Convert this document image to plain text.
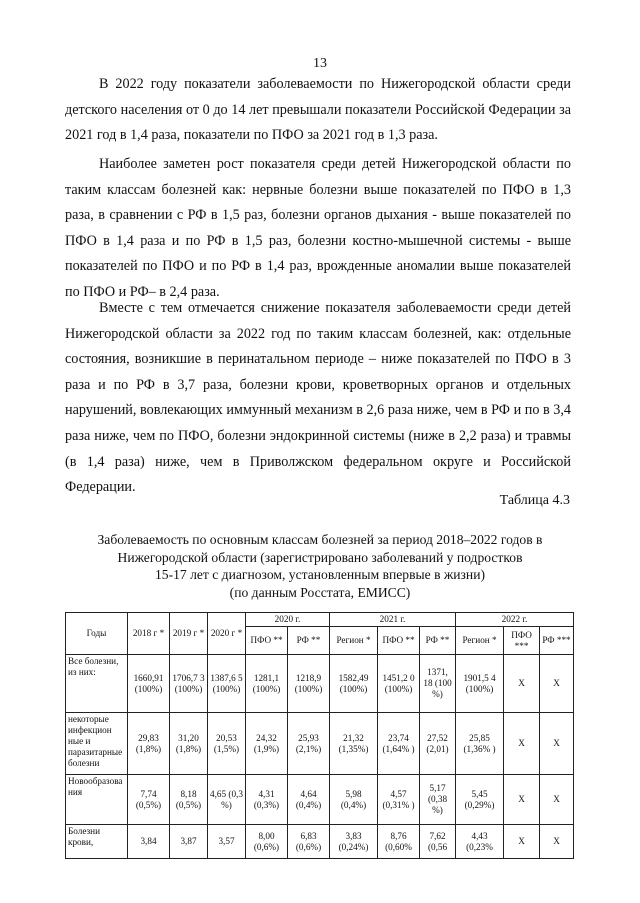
13

В 2022 году показатели заболеваемости по Нижегородской области среди детского населения от 0 до 14 лет превышали показатели Российской Федерации за 2021 год в 1,4 раза, показатели по ПФО за 2021 год в 1,3 раза.

Наиболее заметен рост показателя среди детей Нижегородской области по таким классам болезней как: нервные болезни выше показателей по ПФО в 1,3 раза, в сравнении с РФ в 1,5 раз, болезни органов дыхания - выше показателей по ПФО в 1,4 раза и по РФ в 1,5 раз, болезни костно-мышечной системы - выше показателей по ПФО и по РФ в 1,4 раз, врожденные аномалии выше показателей по ПФО и РФ– в 2,4 раза.

Вместе с тем отмечается снижение показателя заболеваемости среди детей Нижегородской области за 2022 год по таким классам болезней, как: отдельные состояния, возникшие в перинатальном периоде – ниже показателей по ПФО в 3 раза и по РФ в 3,7 раза, болезни крови, кроветворных органов и отдельных нарушений, вовлекающих иммунный механизм в 2,6 раза ниже, чем в РФ и по в 3,4 раза ниже, чем по ПФО, болезни эндокринной системы (ниже в 2,2 раза) и травмы (в 1,4 раза) ниже, чем в Приволжском федеральном округе и Российской Федерации.

Таблица 4.3
Заболеваемость по основным классам болезней за период 2018–2022 годов в
Нижегородской области (зарегистрировано заболеваний у подростков
15-17 лет с диагнозом, установленным впервые в жизни)
(по данным Росстата, ЕМИСС)
Годы	2018 г *	2019 г *	2020 г *	2020 г.		2021 г.			2022 г.		
				ПФО **	РФ **	Регион *	ПФО **	РФ **	Регион *	ПФО ***	РФ ***
Все болезни, из них:	1660,91 (100%)	1706,7 3 (100%)	1387,6 5 (100%)	1281,1 (100%)	1218,9 (100%)	1582,49 (100%)	1451,2 0 (100%)	1371, 18 (100 %)	1901,5 4 (100%)	Х	Х
некоторые инфекцион ные и паразитарные болезни	29,83 (1,8%)	31,20 (1,8%)	20,53 (1,5%)	24,32 (1,9%)	25,93 (2,1%)	21,32 (1,35%)	23,74 (1,64% )	27,52 (2,01)	25,85 (1,36% )	Х	Х
Новообразова ния	7,74 (0,5%)	8,18 (0,5%)	4,65 (0,3 %)	4,31 (0,3%)	4,64 (0,4%)	5,98 (0,4%)	4,57 (0,31% )	5,17 (0,38 %)	5,45 (0,29%)	Х	Х
Болезни крови,	3,84	3,87	3,57	8,00 (0,6%)	6,83 (0,6%)	3,83 (0,24%)	8,76 (0,60%	7,62 (0,56	4,43 (0,23%	Х	Х
